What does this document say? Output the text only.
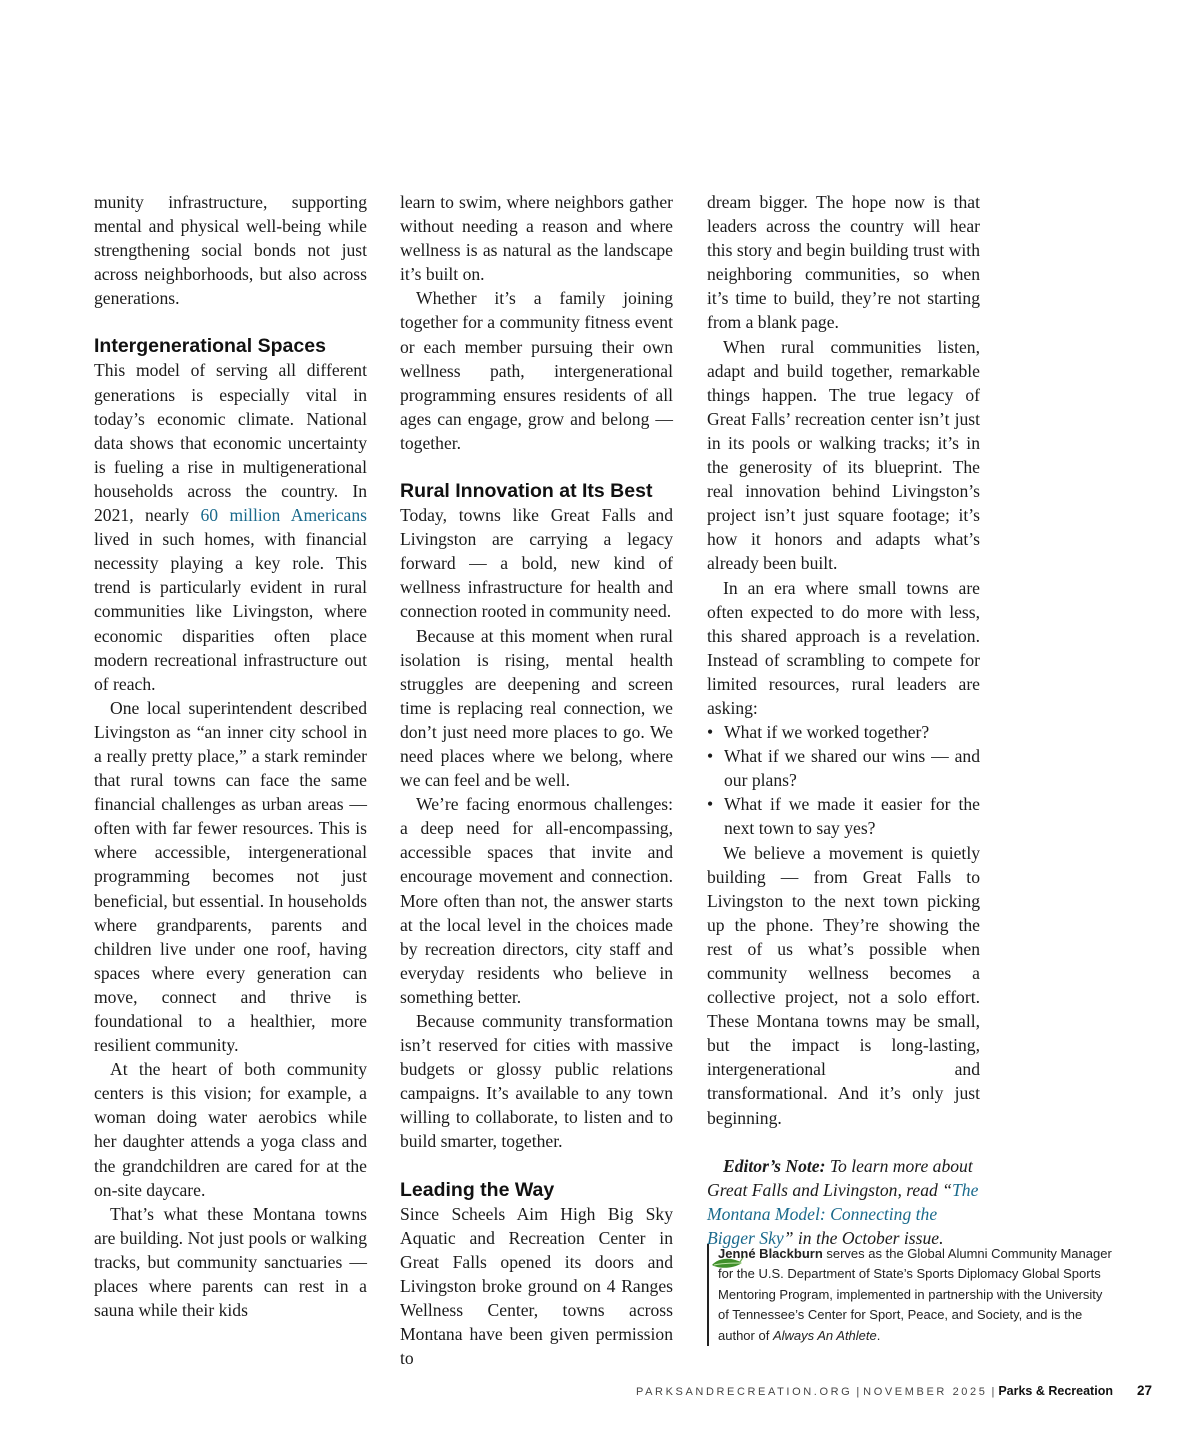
munity infrastructure, supporting mental and physical well-being while strengthening social bonds not just across neighborhoods, but also across generations.

Intergenerational Spaces

This model of serving all different generations is especially vital in today’s economic climate. National data shows that economic uncertainty is fueling a rise in multigenerational households across the country. In 2021, nearly 60 million Americans lived in such homes, with financial necessity playing a key role. This trend is particularly evident in rural communities like Livingston, where economic disparities often place modern recreational infrastructure out of reach.

One local superintendent described Livingston as “an inner city school in a really pretty place,” a stark reminder that rural towns can face the same financial challenges as urban areas — often with far fewer resources. This is where accessible, intergenerational programming becomes not just beneficial, but essential. In households where grandparents, parents and children live under one roof, having spaces where every generation can move, connect and thrive is foundational to a healthier, more resilient community.

At the heart of both community centers is this vision; for example, a woman doing water aerobics while her daughter attends a yoga class and the grandchildren are cared for at the on-site daycare.

That’s what these Montana towns are building. Not just pools or walking tracks, but community sanctuaries — places where parents can rest in a sauna while their kids

learn to swim, where neighbors gather without needing a reason and where wellness is as natural as the landscape it’s built on.

Whether it’s a family joining together for a community fitness event or each member pursuing their own wellness path, intergenerational programming ensures residents of all ages can engage, grow and belong — together.

Rural Innovation at Its Best

Today, towns like Great Falls and Livingston are carrying a legacy forward — a bold, new kind of wellness infrastructure for health and connection rooted in community need.

Because at this moment when rural isolation is rising, mental health struggles are deepening and screen time is replacing real connection, we don’t just need more places to go. We need places where we belong, where we can feel and be well.

We’re facing enormous challenges: a deep need for all-encompassing, accessible spaces that invite and encourage movement and connection. More often than not, the answer starts at the local level in the choices made by recreation directors, city staff and everyday residents who believe in something better.

Because community transformation isn’t reserved for cities with massive budgets or glossy public relations campaigns. It’s available to any town willing to collaborate, to listen and to build smarter, together.

Leading the Way

Since Scheels Aim High Big Sky Aquatic and Recreation Center in Great Falls opened its doors and Livingston broke ground on 4 Ranges Wellness Center, towns across Montana have been given permission to

dream bigger. The hope now is that leaders across the country will hear this story and begin building trust with neighboring communities, so when it’s time to build, they’re not starting from a blank page.

When rural communities listen, adapt and build together, remarkable things happen. The true legacy of Great Falls’ recreation center isn’t just in its pools or walking tracks; it’s in the generosity of its blueprint. The real innovation behind Livingston’s project isn’t just square footage; it’s how it honors and adapts what’s already been built.

In an era where small towns are often expected to do more with less, this shared approach is a revelation. Instead of scrambling to compete for limited resources, rural leaders are asking:

• What if we worked together?
• What if we shared our wins — and our plans?
• What if we made it easier for the next town to say yes?

We believe a movement is quietly building — from Great Falls to Livingston to the next town picking up the phone. They’re showing the rest of us what’s possible when community wellness becomes a collective project, not a solo effort. These Montana towns may be small, but the impact is long-lasting, intergenerational and transformational. And it’s only just beginning.

Editor’s Note: To learn more about Great Falls and Livingston, read “The Montana Model: Connecting the Bigger Sky” in the October issue.

Jenné Blackburn serves as the Global Alumni Community Manager for the U.S. Department of State’s Sports Diplomacy Global Sports Mentoring Program, implemented in partnership with the University of Tennessee’s Center for Sport, Peace, and Society, and is the author of Always An Athlete.
PARKSANDRECREATION.ORG | NOVEMBER 2025 | Parks & Recreation 27
